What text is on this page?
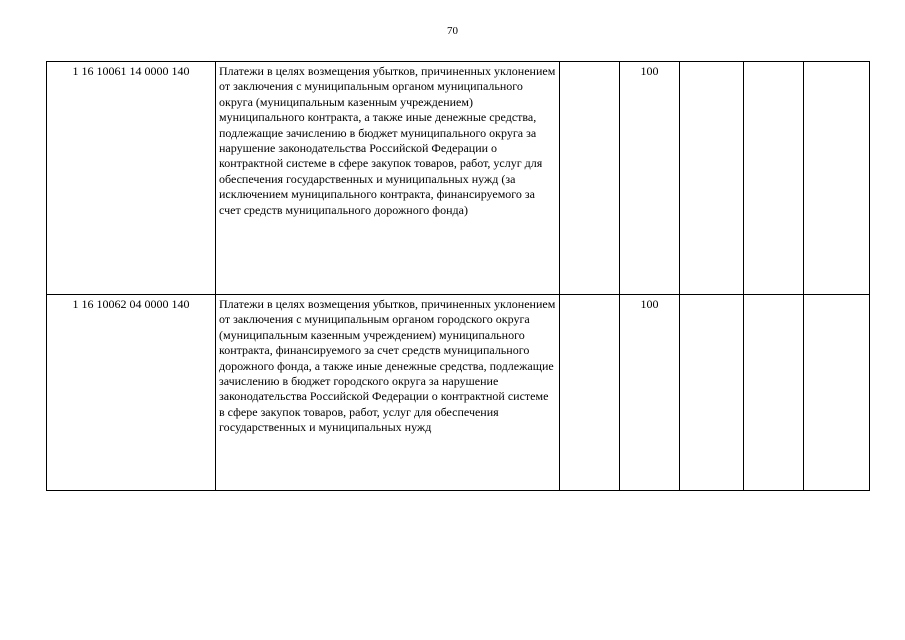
70
1 16 10061 14 0000 140	Платежи в целях возмещения убытков, причиненных уклонением от заключения с муниципальным органом муниципального округа (муниципальным казенным учреждением) муниципального контракта, а также иные денежные средства, подлежащие зачислению в бюджет муниципального округа за нарушение законодательства Российской Федерации о контрактной системе в сфере закупок товаров, работ, услуг для обеспечения государственных и муниципальных нужд (за исключением муниципального контракта, финансируемого за счет средств муниципального дорожного фонда)		100			
1 16 10062 04 0000 140	Платежи в целях возмещения убытков, причиненных уклонением от заключения с муниципальным органом городского округа (муниципальным казенным учреждением) муниципального контракта, финансируемого за счет средств муниципального дорожного фонда, а также иные денежные средства, подлежащие зачислению в бюджет городского округа за нарушение законодательства Российской Федерации о контрактной системе в сфере закупок товаров, работ, услуг для обеспечения государственных и муниципальных нужд		100			
